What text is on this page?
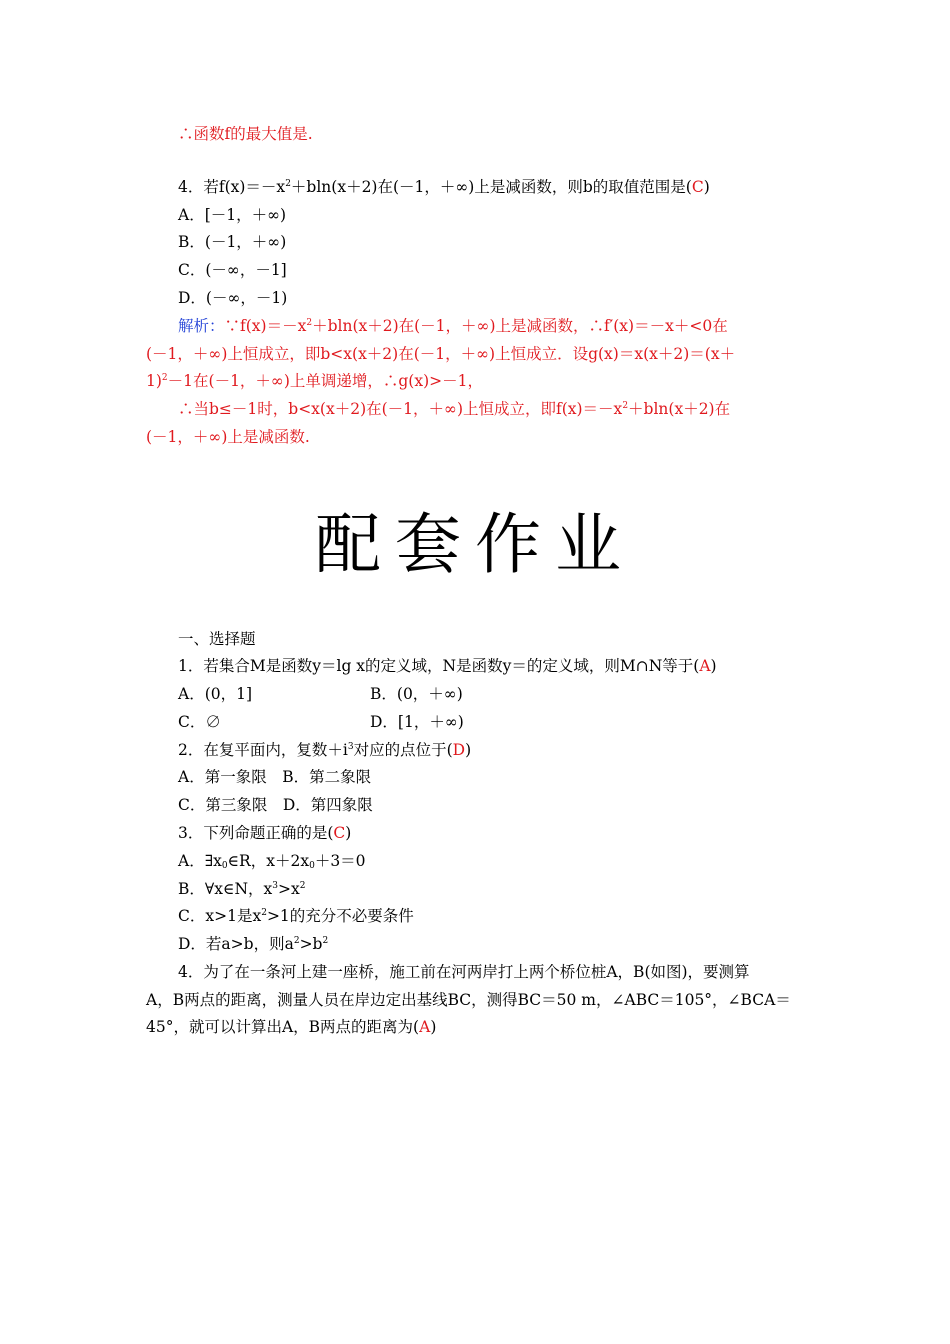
∴函数f的最大值是.
4．若$f(x)=-x^2+bln(x+2)$在(－1，＋∞)上是减函数，则b的取值范围是(C)
A．[－1，＋∞)
B．(－1，＋∞)
C．(－∞，－1]
D．(－∞，－1)
解析：$\because f(x)=-x^2+bln(x+2)$在(－1，＋∞)上是减函数，∴f′(x)＝－x＋<0在
(－1，＋∞)上恒成立，即b<x(x＋2)在(－1，＋∞)上恒成立．设g(x)＝x(x＋2)＝(x＋
1)$^2$－1在(－1，＋∞)上单调递增，∴g(x)>－1，
∴当b≤－1时，b<x(x＋2)在(－1，＋∞)上恒成立，即$f(x)=-x^2+bln(x+2)$在
(－1，＋∞)上是减函数.
配套作业
一、选择题
1．若集合M是函数y＝lg x的定义域，N是函数y＝的定义域，则M∩N等于(A)
A．(0，1]	B．(0，＋∞)
C．∅	D．[1，＋∞)
2．在复平面内，复数$+i^3$对应的点位于(D)
A．第一象限　B．第二象限
C．第三象限　D．第四象限
3．下列命题正确的是(C)
A．$\exists x_0\in R$，$x+2x_0+3=0$
B．∀x∈N，$x^3>x^2$
C．x>1是$x^2>1$的充分不必要条件
D．若a>b，则$a^2>b^2$
4．为了在一条河上建一座桥，施工前在河两岸打上两个桥位桩A，B(如图)，要测算
A，B两点的距离，测量人员在岸边定出基线BC，测得BC＝50 m，∠ABC＝105°，∠BCA＝
45°，就可以计算出A，B两点的距离为(A)
